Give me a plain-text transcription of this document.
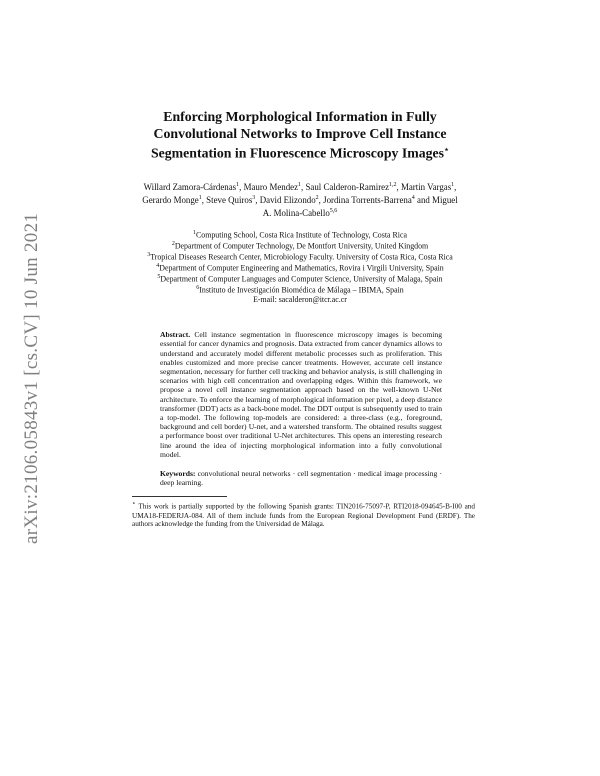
arXiv:2106.05843v1 [cs.CV] 10 Jun 2021
Enforcing Morphological Information in Fully Convolutional Networks to Improve Cell Instance Segmentation in Fluorescence Microscopy Images⋆
Willard Zamora-Cárdenas$^1$, Mauro Mendez$^1$, Saul Calderon-Ramirez$^{1,2}$, Martin Vargas$^1$, Gerardo Monge$^1$, Steve Quiros$^3$, David Elizondo$^2$, Jordina Torrents-Barrena$^4$ and Miguel A. Molina-Cabello$^{5,6}$
$^1$Computing School, Costa Rica Institute of Technology, Costa Rica
$^2$Department of Computer Technology, De Montfort University, United Kingdom
$^3$Tropical Diseases Research Center, Microbiology Faculty. University of Costa Rica, Costa Rica
$^4$Department of Computer Engineering and Mathematics, Rovira i Virgili University, Spain
$^5$Department of Computer Languages and Computer Science, University of Malaga, Spain
$^6$Instituto de Investigación Biomédica de Málaga – IBIMA, Spain
E-mail: sacalderon@itcr.ac.cr
Abstract. Cell instance segmentation in fluorescence microscopy images is becoming essential for cancer dynamics and prognosis. Data extracted from cancer dynamics allows to understand and accurately model different metabolic processes such as proliferation. This enables customized and more precise cancer treatments. However, accurate cell instance segmentation, necessary for further cell tracking and behavior analysis, is still challenging in scenarios with high cell concentration and overlapping edges. Within this framework, we propose a novel cell instance segmentation approach based on the well-known U-Net architecture. To enforce the learning of morphological information per pixel, a deep distance transformer (DDT) acts as a back-bone model. The DDT output is subsequently used to train a top-model. The following top-models are considered: a three-class (e.g., foreground, background and cell border) U-net, and a watershed transform. The obtained results suggest a performance boost over traditional U-Net architectures. This opens an interesting research line around the idea of injecting morphological information into a fully convolutional model.
Keywords: convolutional neural networks · cell segmentation · medical image processing · deep learning.
⋆ This work is partially supported by the following Spanish grants: TIN2016-75097-P, RTI2018-094645-B-I00 and UMA18-FEDERJA-084. All of them include funds from the European Regional Development Fund (ERDF). The authors acknowledge the funding from the Universidad de Málaga.
